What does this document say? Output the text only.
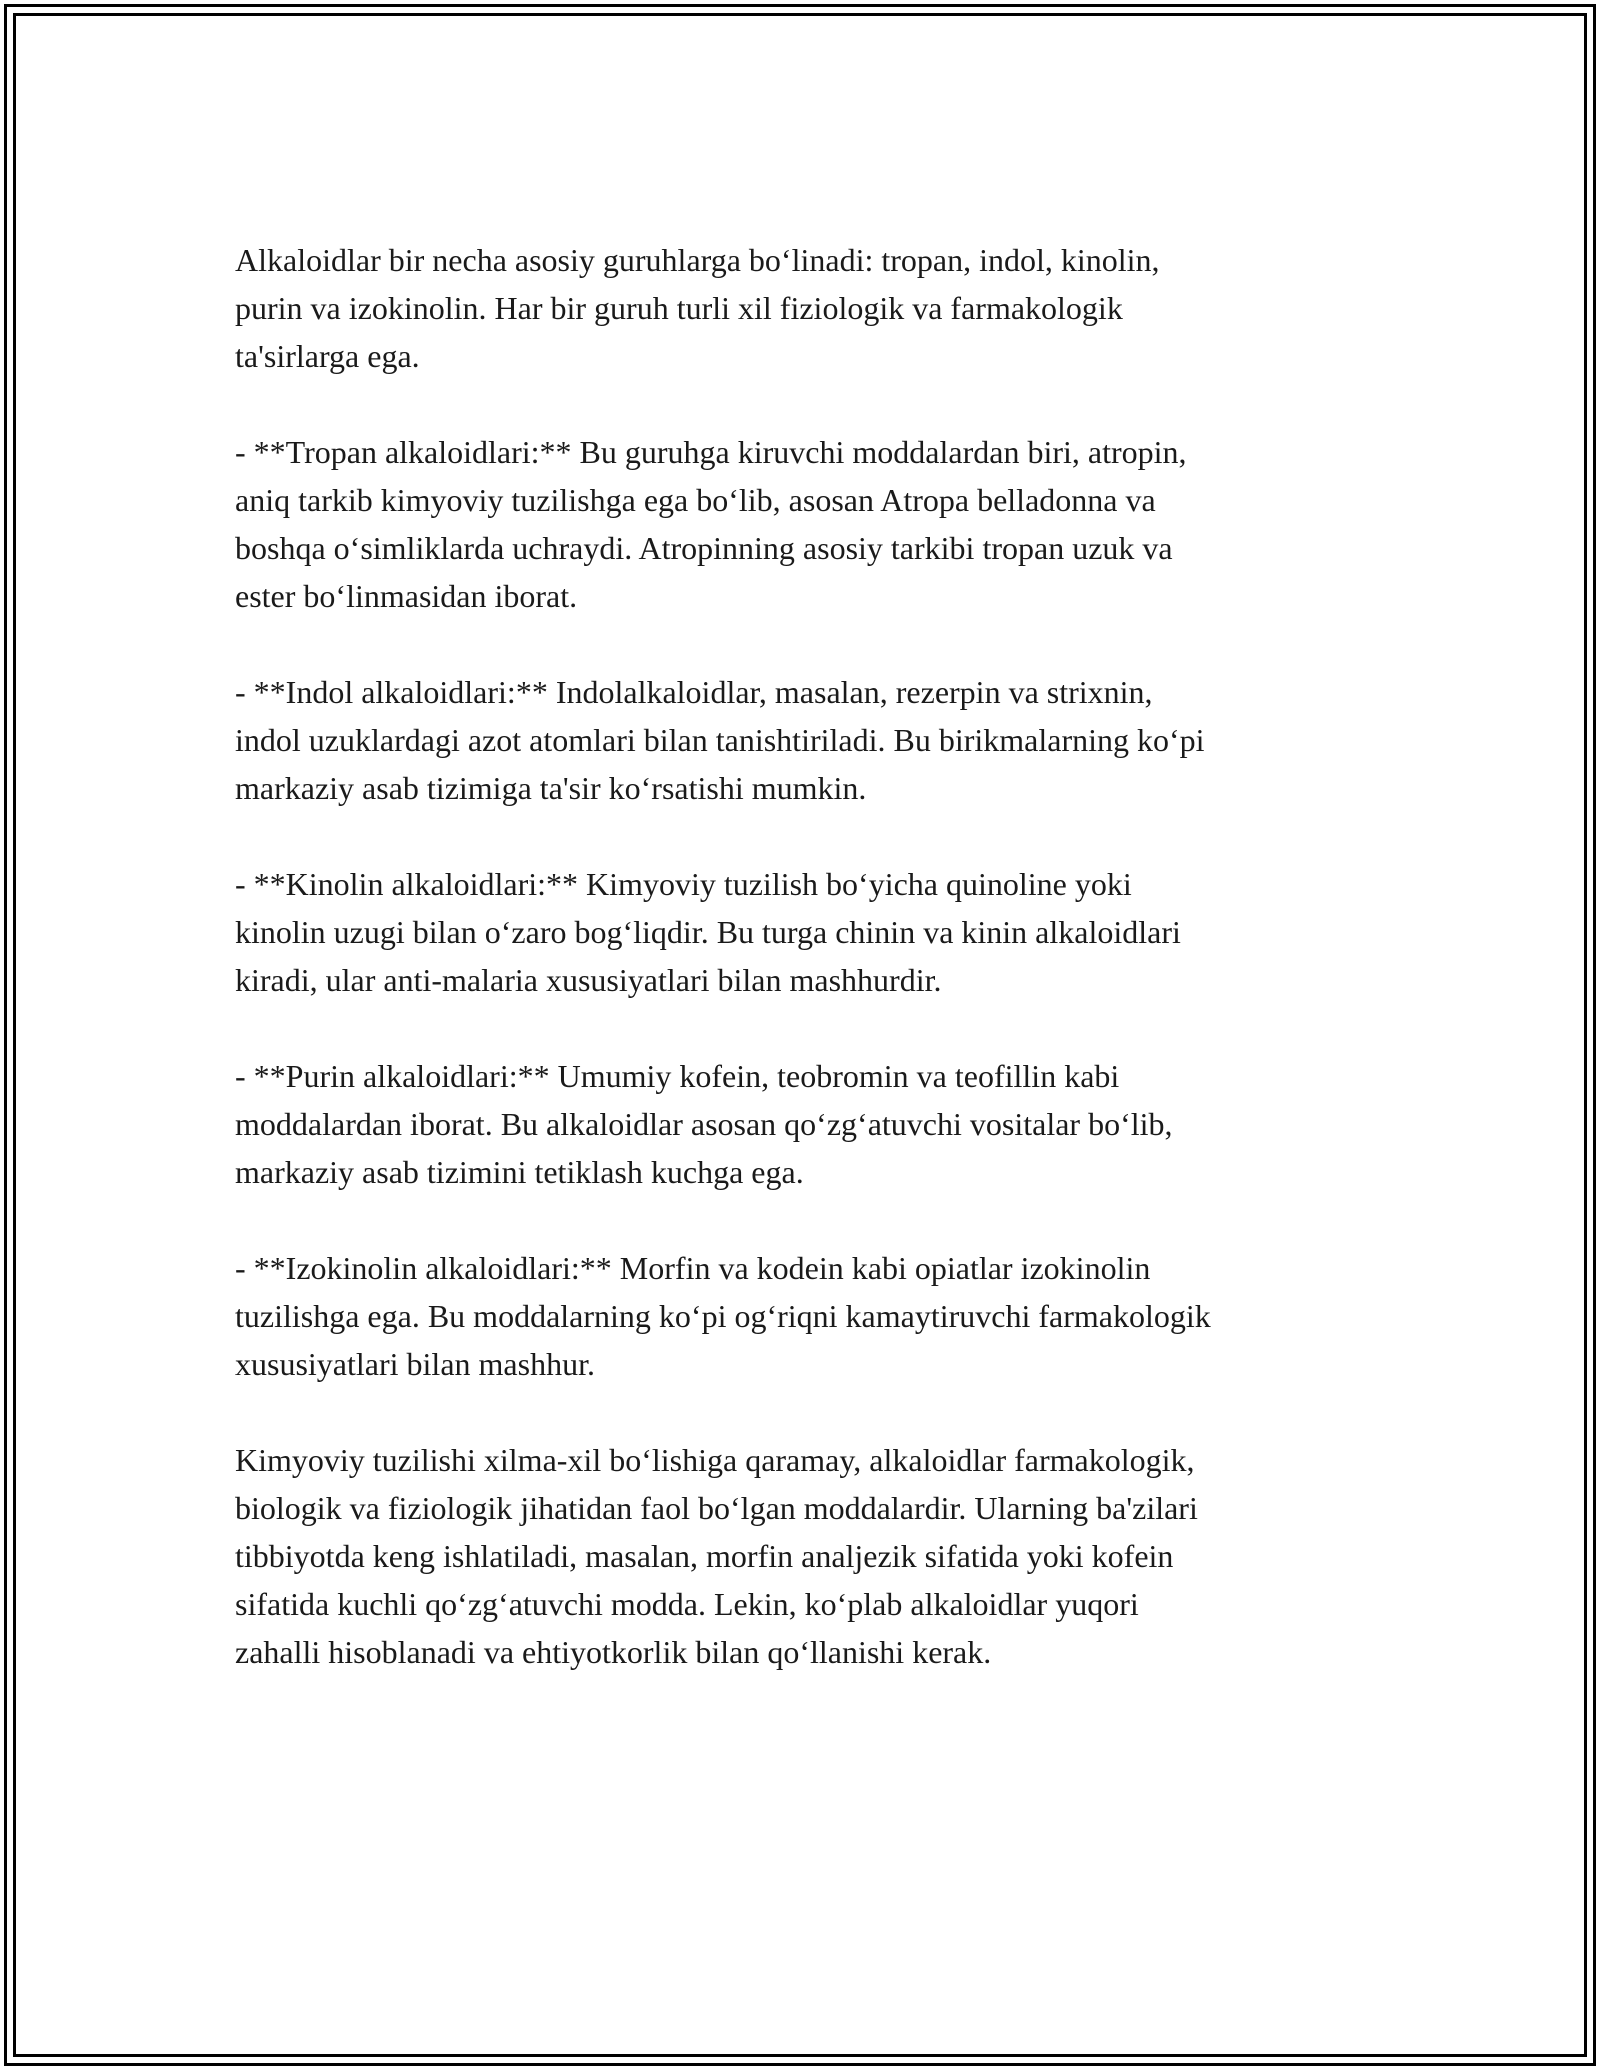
Alkaloidlar bir necha asosiy guruhlarga bo‘linadi: tropan, indol, kinolin,
purin va izokinolin. Har bir guruh turli xil fiziologik va farmakologik
ta'sirlarga ega.

- **Tropan alkaloidlari:** Bu guruhga kiruvchi moddalardan biri, atropin,
aniq tarkib kimyoviy tuzilishga ega bo‘lib, asosan Atropa belladonna va
boshqa o‘simliklarda uchraydi. Atropinning asosiy tarkibi tropan uzuk va
ester bo‘linmasidan iborat.

- **Indol alkaloidlari:** Indolalkaloidlar, masalan, rezerpin va strixnin,
indol uzuklardagi azot atomlari bilan tanishtiriladi. Bu birikmalarning ko‘pi
markaziy asab tizimiga ta'sir ko‘rsatishi mumkin.

- **Kinolin alkaloidlari:** Kimyoviy tuzilish bo‘yicha quinoline yoki
kinolin uzugi bilan o‘zaro bog‘liqdir. Bu turga chinin va kinin alkaloidlari
kiradi, ular anti-malaria xususiyatlari bilan mashhurdir.

- **Purin alkaloidlari:** Umumiy kofein, teobromin va teofillin kabi
moddalardan iborat. Bu alkaloidlar asosan qo‘zg‘atuvchi vositalar bo‘lib,
markaziy asab tizimini tetiklash kuchga ega.

- **Izokinolin alkaloidlari:** Morfin va kodein kabi opiatlar izokinolin
tuzilishga ega. Bu moddalarning ko‘pi og‘riqni kamaytiruvchi farmakologik
xususiyatlari bilan mashhur.

Kimyoviy tuzilishi xilma-xil bo‘lishiga qaramay, alkaloidlar farmakologik,
biologik va fiziologik jihatidan faol bo‘lgan moddalardir. Ularning ba'zilari
tibbiyotda keng ishlatiladi, masalan, morfin analjezik sifatida yoki kofein
sifatida kuchli qo‘zg‘atuvchi modda. Lekin, ko‘plab alkaloidlar yuqori
zahalli hisoblanadi va ehtiyotkorlik bilan qo‘llanishi kerak.
